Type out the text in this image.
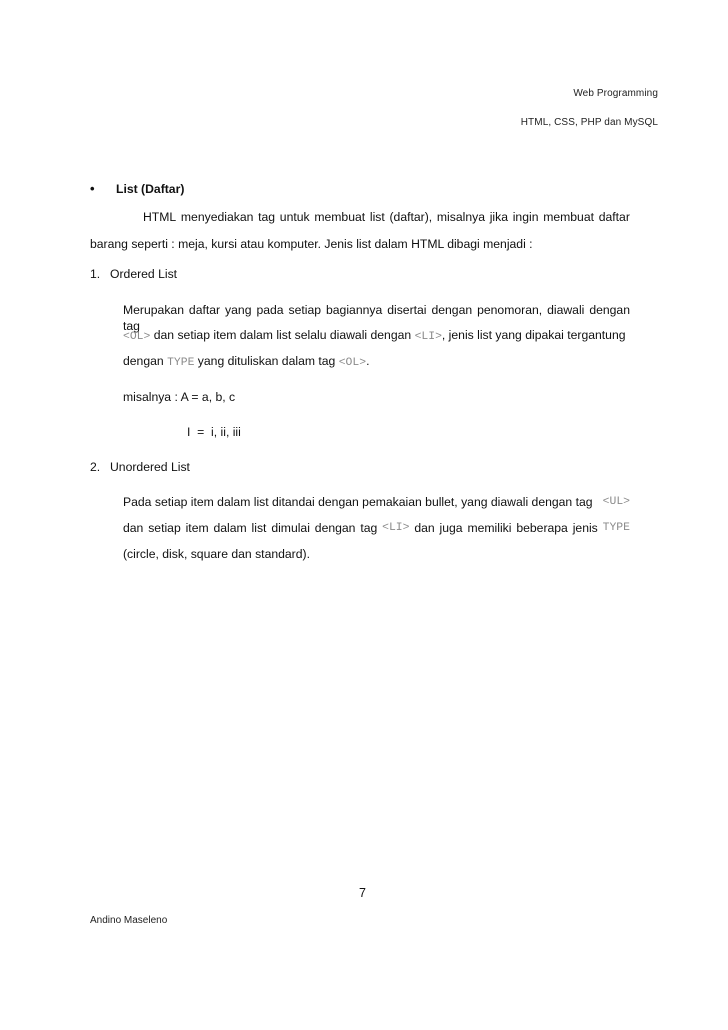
Web Programming
HTML, CSS, PHP dan MySQL
• List (Daftar)
HTML menyediakan tag untuk membuat list (daftar), misalnya jika ingin membuat daftar
barang seperti : meja, kursi atau komputer. Jenis list dalam HTML dibagi menjadi :
1. Ordered List
Merupakan daftar yang pada setiap bagiannya disertai dengan penomoran, diawali dengan tag
<OL> dan setiap item dalam list selalu diawali dengan <LI>, jenis list yang dipakai tergantung
dengan TYPE yang dituliskan dalam tag <OL>.
misalnya : A = a, b, c
I  =  i, ii, iii
2. Unordered List
Pada setiap item dalam list ditandai dengan pemakaian bullet, yang diawali dengan tag <UL>
dan setiap item dalam list dimulai dengan tag <LI> dan juga memiliki beberapa jenis TYPE
(circle, disk, square dan standard).
7
Andino Maseleno
